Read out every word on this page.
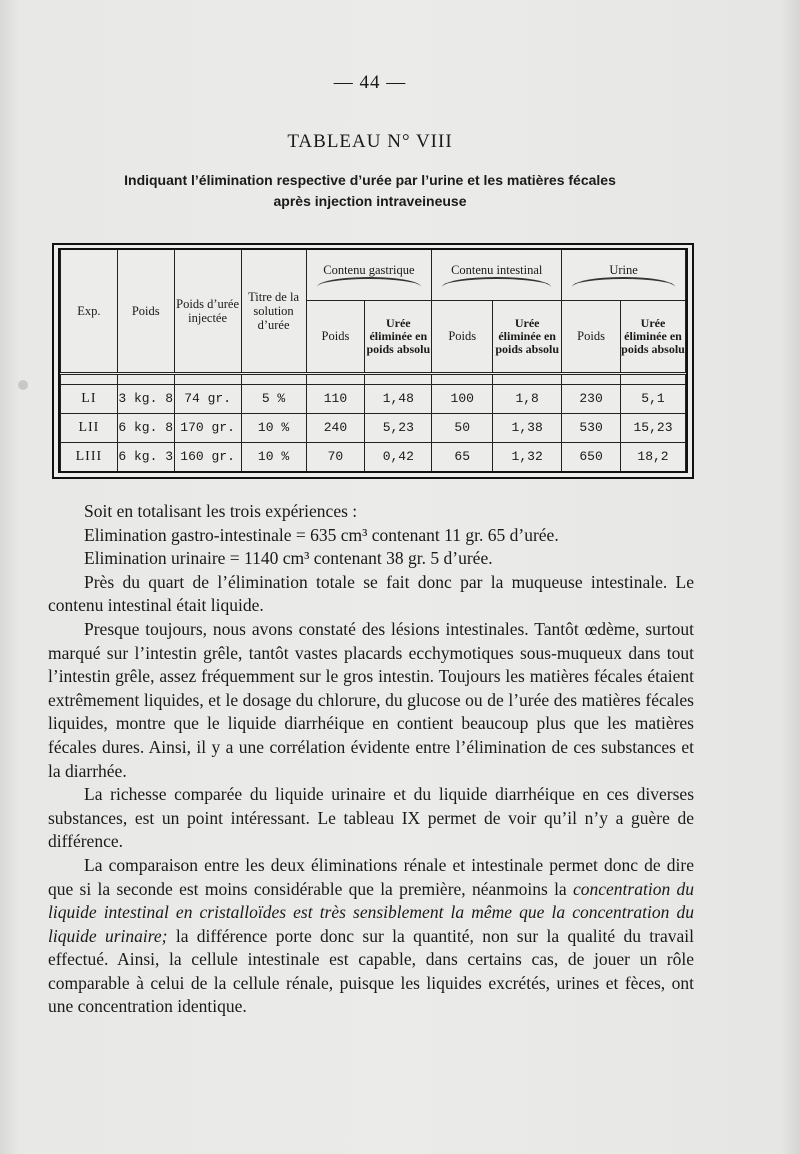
— 44 —
TABLEAU N° VIII
Indiquant l’élimination respective d’urée par l’urine et les matières fécales
après injection intraveineuse
Exp.	Poids	Poids d’urée injectée	Titre de la solution d’urée	Contenu gastrique		Contenu intestinal		Urine	

				Poids	Urée éliminée en poids absolu	Poids	Urée éliminée en poids absolu	Poids	Urée éliminée en poids absolu

LI	3 kg. 8	74 gr.	5 %	110	1,48	100	1,8	230	5,1
LII	6 kg. 8	170 gr.	10 %	240	5,23	50	1,38	530	15,23
LIII	6 kg. 3	160 gr.	10 %	70	0,42	65	1,32	650	18,2

Soit en totalisant les trois expériences :

Elimination gastro-intestinale = 635 cm³ contenant 11 gr. 65 d’urée.

Elimination urinaire = 1140 cm³ contenant 38 gr. 5 d’urée.

Près du quart de l’élimination totale se fait donc par la muqueuse intestinale. Le contenu intestinal était liquide.

Presque toujours, nous avons constaté des lésions intestinales. Tantôt œdème, surtout marqué sur l’intestin grêle, tantôt vastes placards ecchymotiques sous-muqueux dans tout l’intestin grêle, assez fréquemment sur le gros intestin. Toujours les matières fécales étaient extrêmement liquides, et le dosage du chlorure, du glucose ou de l’urée des matières fécales liquides, montre que le liquide diarrhéique en contient beaucoup plus que les matières fécales dures. Ainsi, il y a une corrélation évidente entre l’élimination de ces substances et la diarrhée.

La richesse comparée du liquide urinaire et du liquide diarrhéique en ces diverses substances, est un point intéressant. Le tableau IX permet de voir qu’il n’y a guère de différence.

La comparaison entre les deux éliminations rénale et intestinale permet donc de dire que si la seconde est moins considérable que la première, néanmoins la concentration du liquide intestinal en cristalloïdes est très sensiblement la même que la concentration du liquide urinaire; la différence porte donc sur la quantité, non sur la qualité du travail effectué. Ainsi, la cellule intestinale est capable, dans certains cas, de jouer un rôle comparable à celui de la cellule rénale, puisque les liquides excrétés, urines et fèces, ont une concentration identique.
